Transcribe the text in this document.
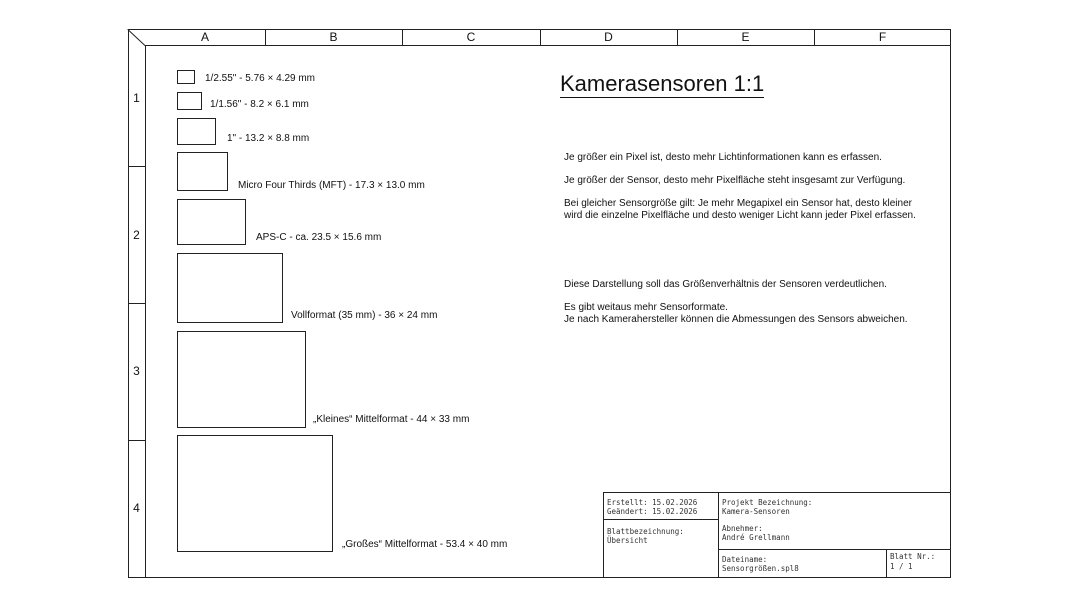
A	B	C	D	E	F
1
2
3
4
1/2.55" - 5.76 × 4.29 mm
1/1.56" - 8.2 × 6.1 mm
1" - 13.2 × 8.8 mm
Micro Four Thirds (MFT) - 17.3 × 13.0 mm
APS-C - ca. 23.5 × 15.6 mm
Vollformat (35 mm) - 36 × 24 mm
„Kleines“ Mittelformat - 44 × 33 mm
„Großes“ Mittelformat - 53.4 × 40 mm
Kamerasensoren 1:1
Je größer ein Pixel ist, desto mehr Lichtinformationen kann es erfassen.
Je größer der Sensor, desto mehr Pixelfläche steht insgesamt zur Verfügung.
Bei gleicher Sensorgröße gilt: Je mehr Megapixel ein Sensor hat, desto kleiner
wird die einzelne Pixelfläche und desto weniger Licht kann jeder Pixel erfassen.
Diese Darstellung soll das Größenverhältnis der Sensoren verdeutlichen.
Es gibt weitaus mehr Sensorformate.
Je nach Kamerahersteller können die Abmessungen des Sensors abweichen.
Erstellt: 15.02.2026
Geändert: 15.02.2026
Blattbezeichnung:
Übersicht
Projekt Bezeichnung:
Kamera-Sensoren
Abnehmer:
André Grellmann
Dateiname:
Sensorgrößen.spl8
Blatt Nr.:
1 / 1
